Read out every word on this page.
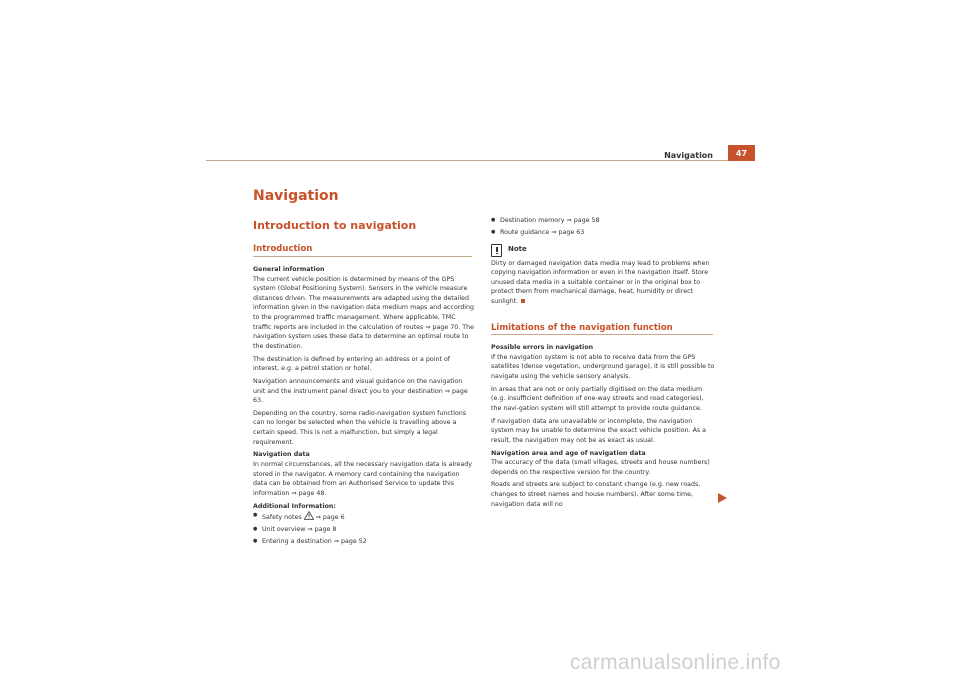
Navigation	47
Navigation
Introduction to navigation
Introduction

General information

The current vehicle position is determined by means of the GPS system (Global Positioning System). Sensors in the vehicle measure distances driven. The measurements are adapted using the detailed information given in the navigation data medium maps and according to the programmed traffic management. Where applicable, TMC traffic reports are included in the calculation of routes ⇒ page 70. The navigation system uses these data to determine an optimal route to the destination.

The destination is defined by entering an address or a point of interest, e.g. a petrol station or hotel.

Navigation announcements and visual guidance on the navigation unit and the instrument panel direct you to your destination ⇒ page 63.

Depending on the country, some radio-navigation system functions can no longer be selected when the vehicle is travelling above a certain speed. This is not a malfunction, but simply a legal requirement.

Navigation data

In normal circumstances, all the necessary navigation data is already stored in the navigator. A memory card containing the navigation data can be obtained from an Authorised Service to update this information ⇒ page 48.

Additional Information:

● Safety notes ⇒ page 6
● Unit overview ⇒ page 8
● Entering a destination ⇒ page 52
● Destination memory ⇒ page 58
● Route guidance ⇒ page 63
Note

Dirty or damaged navigation data media may lead to problems when copying navigation information or even in the navigation itself. Store unused data media in a suitable container or in the original box to protect them from mechanical damage, heat, humidity or direct sunlight.

Limitations of the navigation function

Possible errors in navigation

If the navigation system is not able to receive data from the GPS satellites (dense vegetation, underground garage), it is still possible to navigate using the vehicle sensory analysis.

In areas that are not or only partially digitised on the data medium (e.g. insufficient definition of one-way streets and road categories), the navi-gation system will still attempt to provide route guidance.

If navigation data are unavailable or incomplete, the navigation system may be unable to determine the exact vehicle position. As a result, the navigation may not be as exact as usual.

Navigation area and age of navigation data

The accuracy of the data (small villages, streets and house numbers) depends on the respective version for the country.

Roads and streets are subject to constant change (e.g. new roads, changes to street names and house numbers). After some time, navigation data will no

carmanualsonline.info
